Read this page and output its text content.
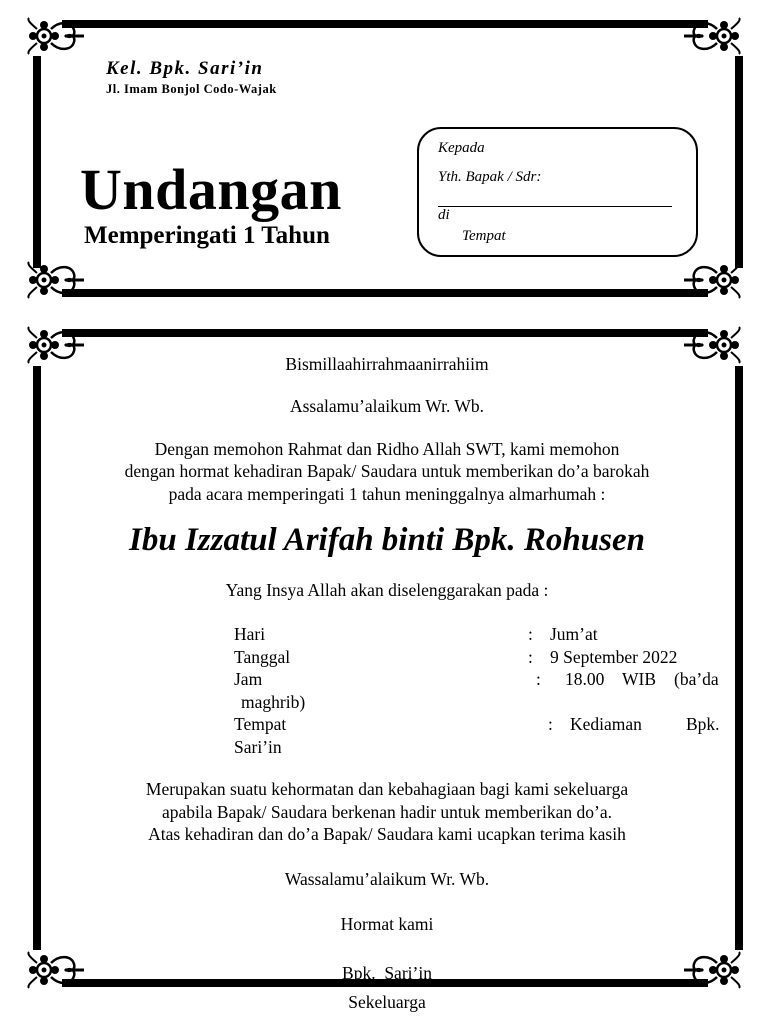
Kel. Bpk. Sari’in
Jl. Imam Bonjol Codo-Wajak
Undangan
Memperingati 1 Tahun
Kepada
Yth. Bapak / Sdr:
di
Tempat
Bismillaahirrahmaanirrahiim
Assalamu’alaikum Wr. Wb.
Dengan memohon Rahmat dan Ridho Allah SWT, kami memohon
dengan hormat kehadiran Bapak/ Saudara untuk memberikan do’a barokah
pada acara memperingati 1 tahun meninggalnya almarhumah :
Ibu Izzatul Arifah binti Bpk. Rohusen
Yang Insya Allah akan diselenggarakan pada :
Hari	: Jum’at
Tanggal	: 9 September 2022
Jam	: 18.00 WIB (ba’da
maghrib)
Tempat	: Kediaman	Bpk.
Sari’in
Merupakan suatu kehormatan dan kebahagiaan bagi kami sekeluarga
apabila Bapak/ Saudara berkenan hadir untuk memberikan do’a.
Atas kehadiran dan do’a Bapak/ Saudara kami ucapkan terima kasih
Wassalamu’alaikum Wr. Wb.
Hormat kami
Bpk.  Sari’in
Sekeluarga
